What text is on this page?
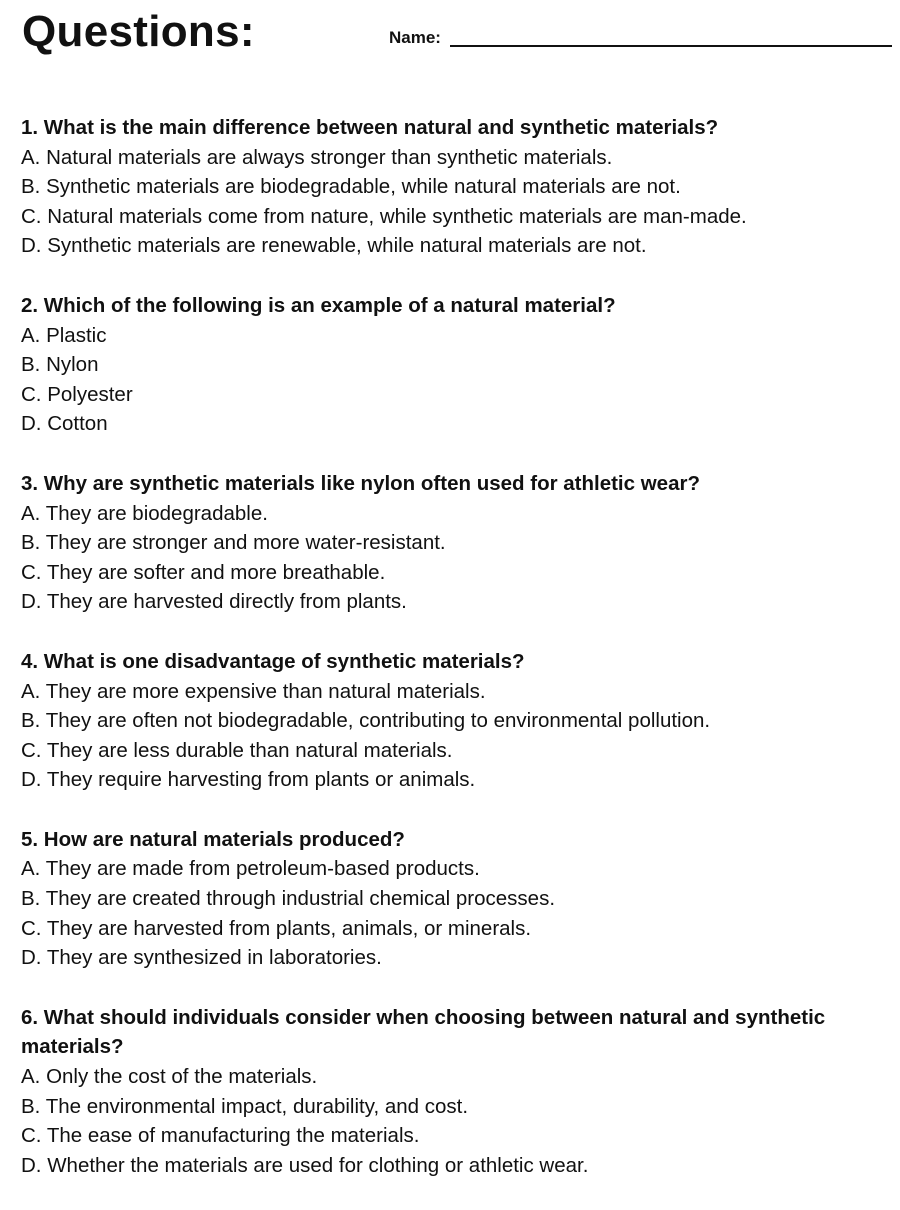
Questions:	Name:

1. What is the main difference between natural and synthetic materials?

A. Natural materials are always stronger than synthetic materials.

B. Synthetic materials are biodegradable, while natural materials are not.

C. Natural materials come from nature, while synthetic materials are man-made.

D. Synthetic materials are renewable, while natural materials are not.

2. Which of the following is an example of a natural material?

A. Plastic

B. Nylon

C. Polyester

D. Cotton

3. Why are synthetic materials like nylon often used for athletic wear?

A. They are biodegradable.

B. They are stronger and more water-resistant.

C. They are softer and more breathable.

D. They are harvested directly from plants.

4. What is one disadvantage of synthetic materials?

A. They are more expensive than natural materials.

B. They are often not biodegradable, contributing to environmental pollution.

C. They are less durable than natural materials.

D. They require harvesting from plants or animals.

5. How are natural materials produced?

A. They are made from petroleum-based products.

B. They are created through industrial chemical processes.

C. They are harvested from plants, animals, or minerals.

D. They are synthesized in laboratories.

6. What should individuals consider when choosing between natural and synthetic materials?

A. Only the cost of the materials.

B. The environmental impact, durability, and cost.

C. The ease of manufacturing the materials.

D. Whether the materials are used for clothing or athletic wear.
